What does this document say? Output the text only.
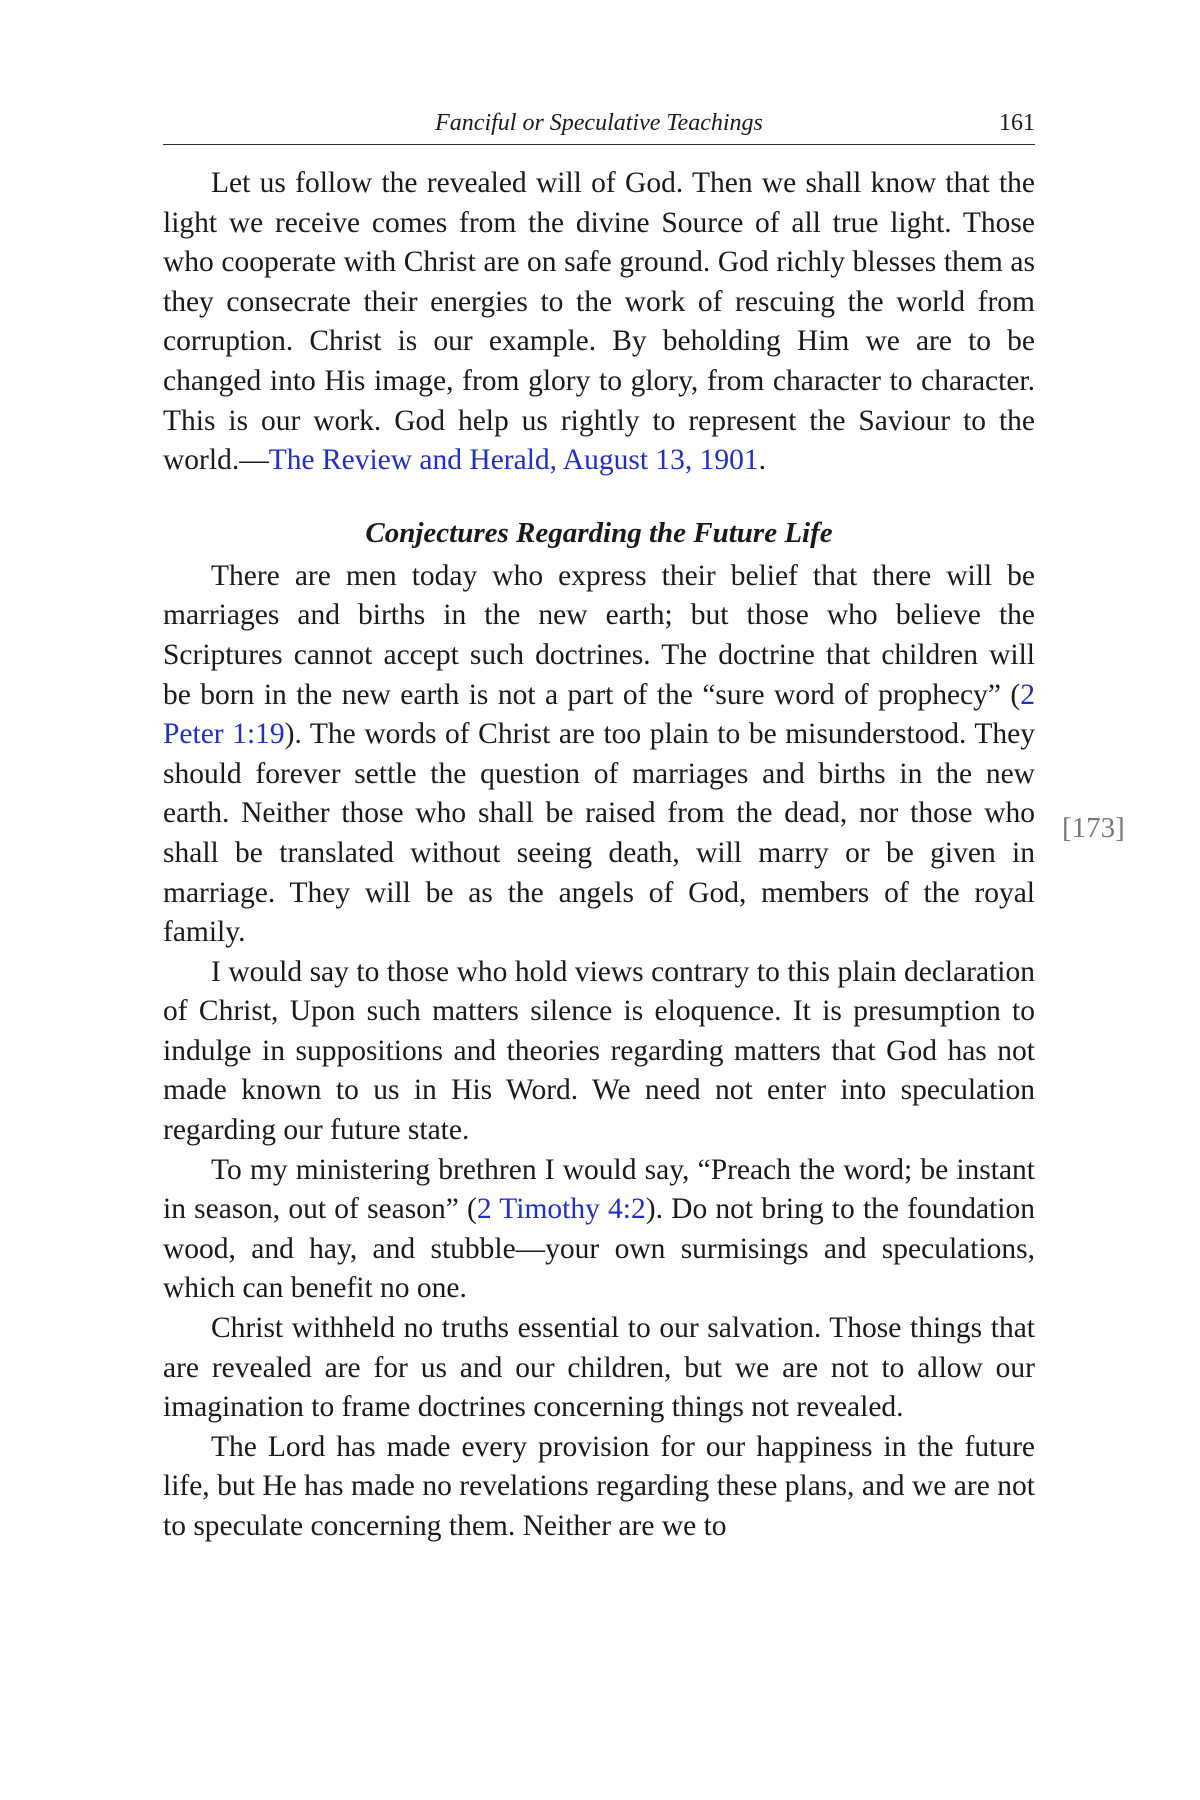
Fanciful or Speculative Teachings	161

Let us follow the revealed will of God. Then we shall know that the light we receive comes from the divine Source of all true light. Those who cooperate with Christ are on safe ground. God richly blesses them as they consecrate their energies to the work of rescuing the world from corruption. Christ is our example. By beholding Him we are to be changed into His image, from glory to glory, from character to character. This is our work. God help us rightly to represent the Saviour to the world.—The Review and Herald, August 13, 1901.

Conjectures Regarding the Future Life

There are men today who express their belief that there will be marriages and births in the new earth; but those who believe the Scriptures cannot accept such doctrines. The doctrine that children will be born in the new earth is not a part of the “sure word of prophecy” (2 Peter 1:19). The words of Christ are too plain to be misunderstood. They should forever settle the question of marriages and births in the new earth. Neither those who shall be raised from the dead, nor those who shall be translated without seeing death, will marry or be given in marriage. They will be as the angels of God, members of the royal family.

I would say to those who hold views contrary to this plain declaration of Christ, Upon such matters silence is eloquence. It is presumption to indulge in suppositions and theories regarding matters that God has not made known to us in His Word. We need not enter into speculation regarding our future state.

To my ministering brethren I would say, “Preach the word; be instant in season, out of season” (2 Timothy 4:2). Do not bring to the foundation wood, and hay, and stubble—your own surmisings and speculations, which can benefit no one.

Christ withheld no truths essential to our salvation. Those things that are revealed are for us and our children, but we are not to allow our imagination to frame doctrines concerning things not revealed.

The Lord has made every provision for our happiness in the future life, but He has made no revelations regarding these plans, and we are not to speculate concerning them. Neither are we to

[173]
